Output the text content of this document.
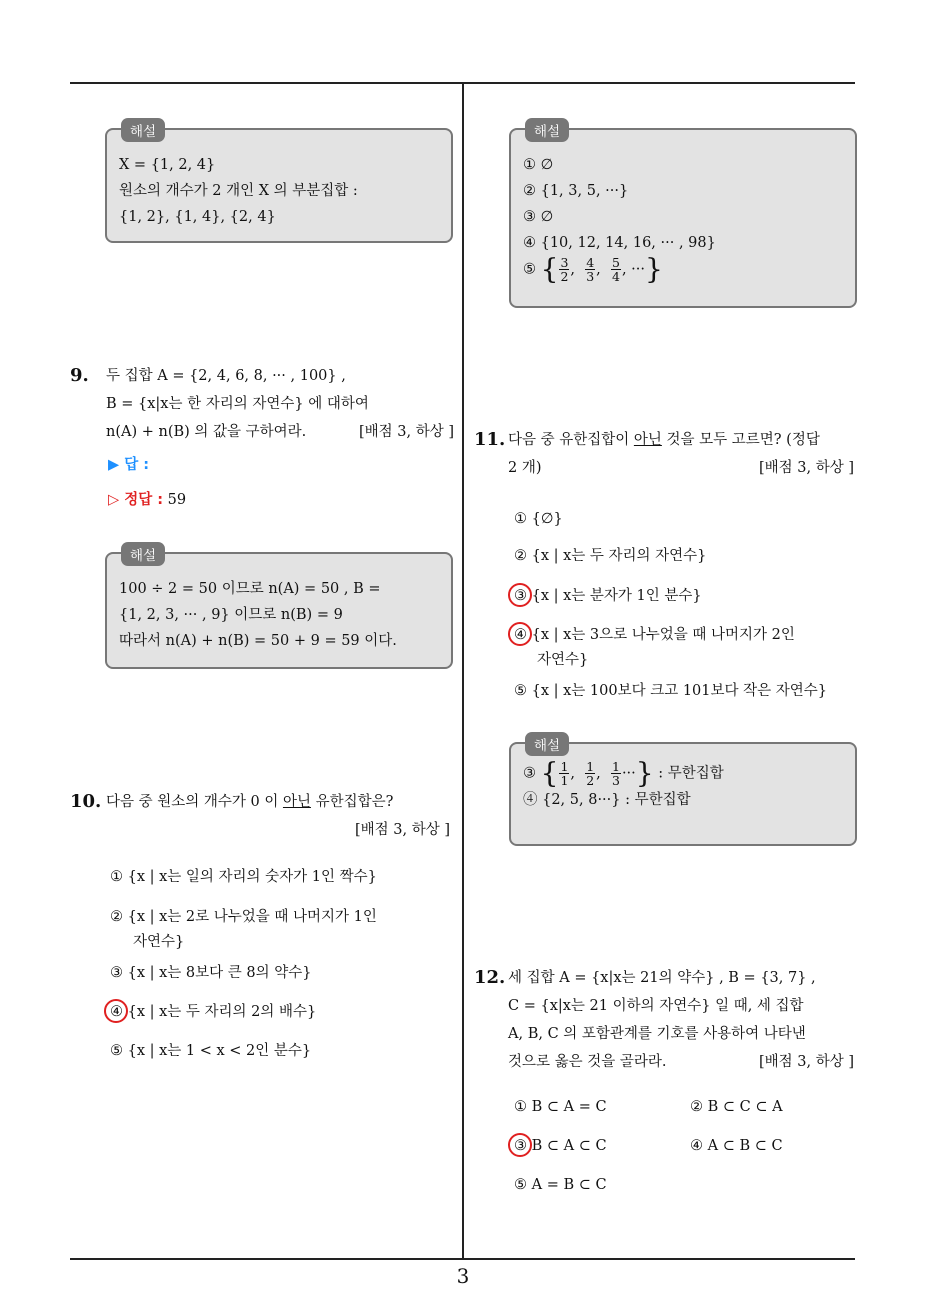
해설
X = {1, 2, 4}
원소의 개수가 2 개인 X 의 부분집합 :
{1, 2}, {1, 4}, {2, 4}
9. 두 집합 A = {2, 4, 6, 8, ··· , 100} ,
B = {x|x는 한 자리의 자연수} 에 대하여
n(A) + n(B) 의 값을 구하여라.	[배점 3, 하상 ]
▶ 답 :
▷ 정답 : 59
해설
100 ÷ 2 = 50 이므로 n(A) = 50 , B =
{1, 2, 3, ··· , 9} 이므로 n(B) = 9
따라서 n(A) + n(B) = 50 + 9 = 59 이다.
10. 다음 중 원소의 개수가 0 이 아닌 유한집합은?
[배점 3, 하상 ]
① {x | x는 일의 자리의 숫자가 1인 짝수}
② {x | x는 2로 나누었을 때 나머지가 1인
자연수}
③ {x | x는 8보다 큰 8의 약수}
④ {x | x는 두 자리의 2의 배수}
⑤ {x | x는 1 < x < 2인 분수}
해설
① ∅
② {1, 3, 5, ···}
③ ∅
④ {10, 12, 14, 16, ··· , 98}
⑤ { $\frac{3}{2}$ , $\frac{4}{3}$ , $\frac{5}{4}$ , ···}
11. 다음 중 유한집합이 아닌 것을 모두 고르면? (정답
2 개)	[배점 3, 하상 ]
① {∅}
② {x | x는 두 자리의 자연수}
③ {x | x는 분자가 1인 분수}
④ {x | x는 3으로 나누었을 때 나머지가 2인
자연수}
⑤ {x | x는 100보다 크고 101보다 작은 자연수}
해설
③ { $\frac{1}{1}$ , $\frac{1}{2}$ , $\frac{1}{3}$ ···} : 무한집합
④ {2, 5, 8···} : 무한집합
12. 세 집합 A = {x|x는 21의 약수} , B = {3, 7} ,
C = {x|x는 21 이하의 자연수} 일 때, 세 집합
A, B, C 의 포함관계를 기호를 사용하여 나타낸
것으로 옳은 것을 골라라.	[배점 3, 하상 ]
① B ⊂ A = C	② B ⊂ C ⊂ A
③ B ⊂ A ⊂ C	④ A ⊂ B ⊂ C
⑤ A = B ⊂ C
3
